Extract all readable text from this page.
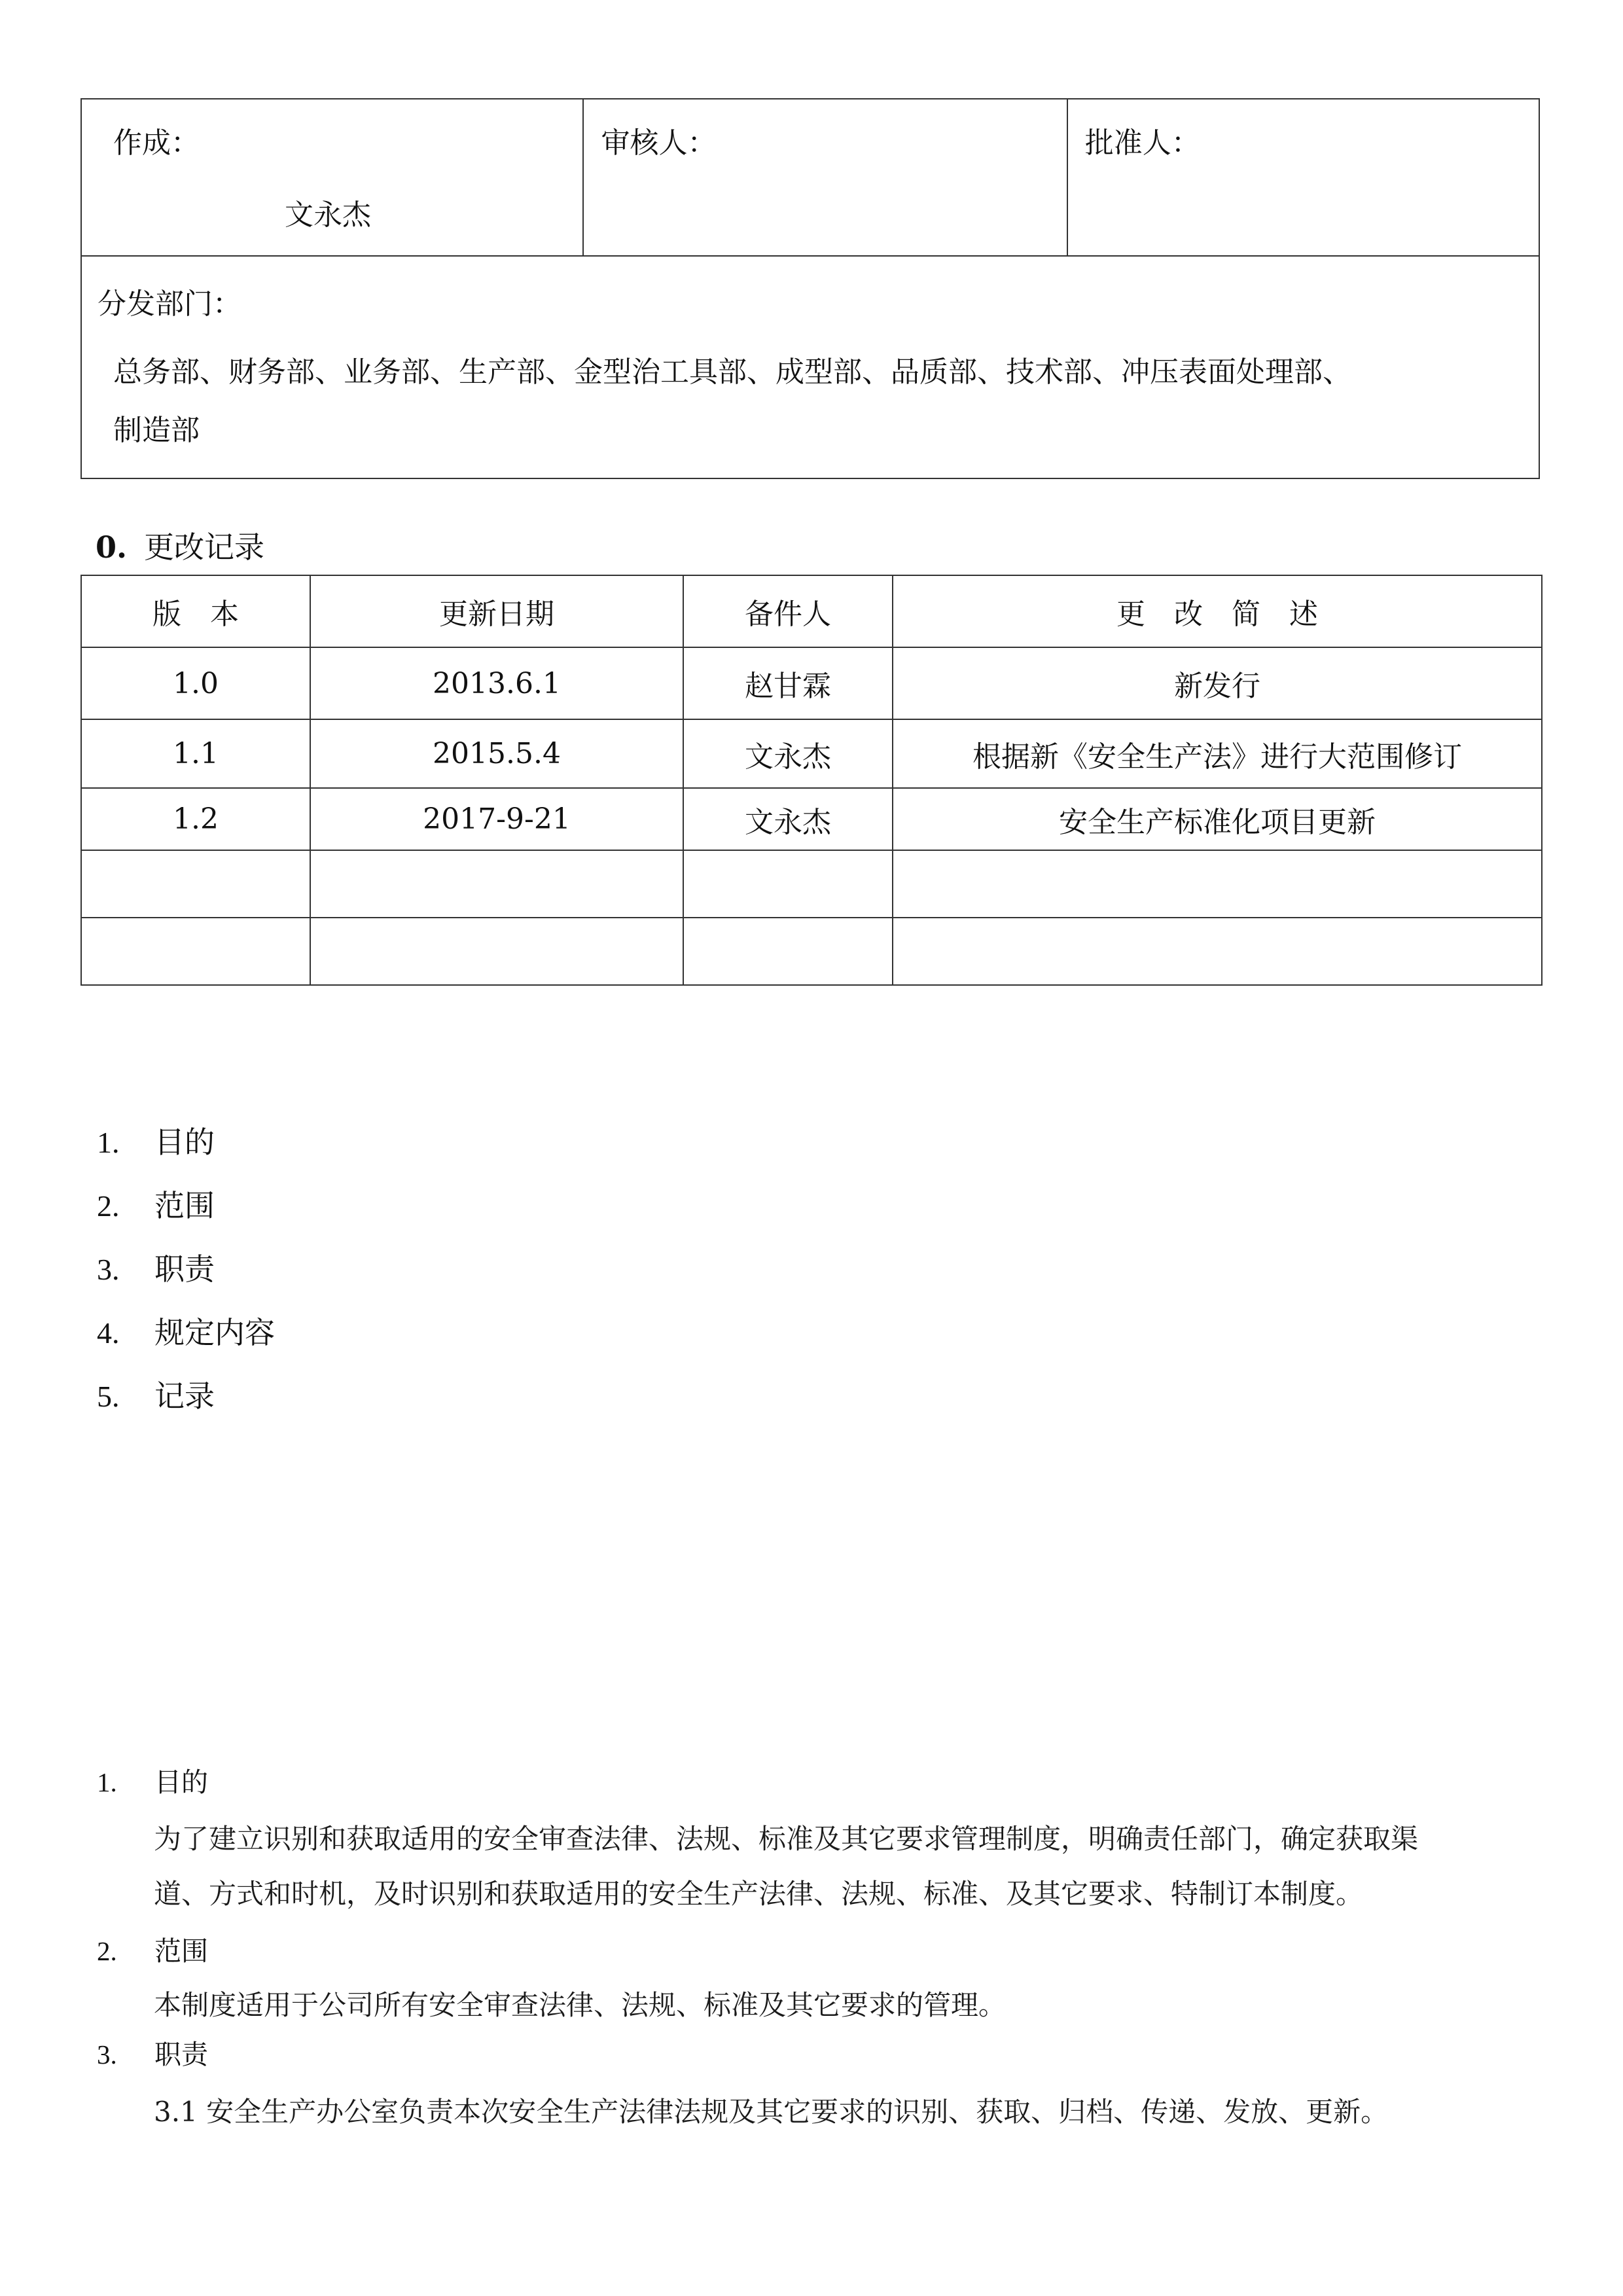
作成：
文永杰

审核人：	批准人：

分发部门：
总务部、财务部、业务部、生产部、金型治工具部、成型部、品质部、技术部、冲压表面处理部、
制造部
0. 更改记录
版　本	更新日期	备件人	更　改　简　述
1.0	2013.6.1	赵甘霖	新发行
1.1	2015.5.4	文永杰	根据新《安全生产法》进行大范围修订
1.2	2017-9-21	文永杰	安全生产标准化项目更新

1. 目的
2. 范围
3. 职责
4. 规定内容
5. 记录
1. 目的
为了建立识别和获取适用的安全审查法律、法规、标准及其它要求管理制度，明确责任部门，确定获取渠
道、方式和时机，及时识别和获取适用的安全生产法律、法规、标准、及其它要求、特制订本制度。
2. 范围
本制度适用于公司所有安全审查法律、法规、标准及其它要求的管理。
3. 职责
3.1 安全生产办公室负责本次安全生产法律法规及其它要求的识别、获取、归档、传递、发放、更新。
